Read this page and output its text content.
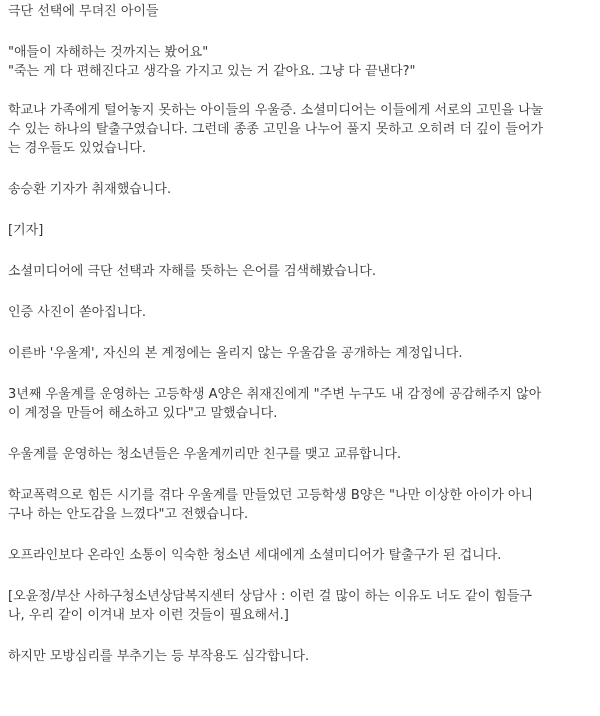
극단 선택에 무뎌진 아이들

"애들이 자해하는 것까지는 봤어요"
"죽는 게 다 편해진다고 생각을 가지고 있는 거 같아요. 그냥 다 끝낸다?"

학교나 가족에게 털어놓지 못하는 아이들의 우울증. 소셜미디어는 이들에게 서로의 고민을 나눌
수 있는 하나의 탈출구였습니다. 그런데 종종 고민을 나누어 풀지 못하고 오히려 더 깊이 들어가
는 경우들도 있었습니다.

송승환 기자가 취재했습니다.

[기자]

소셜미디어에 극단 선택과 자해를 뜻하는 은어를 검색해봤습니다.

인증 사진이 쏟아집니다.

이른바 '우울계', 자신의 본 계정에는 올리지 않는 우울감을 공개하는 계정입니다.

3년째 우울계를 운영하는 고등학생 A양은 취재진에게 "주변 누구도 내 감정에 공감해주지 않아
이 계정을 만들어 해소하고 있다"고 말했습니다.

우울계를 운영하는 청소년들은 우울계끼리만 친구를 맺고 교류합니다.

학교폭력으로 힘든 시기를 겪다 우울계를 만들었던 고등학생 B양은 "나만 이상한 아이가 아니
구나 하는 안도감을 느꼈다"고 전했습니다.

오프라인보다 온라인 소통이 익숙한 청소년 세대에게 소셜미디어가 탈출구가 된 겁니다.

[오윤정/부산 사하구청소년상담복지센터 상담사 : 이런 걸 많이 하는 이유도 너도 같이 힘들구
나, 우리 같이 이겨내 보자 이런 것들이 필요해서.]

하지만 모방심리를 부추기는 등 부작용도 심각합니다.
